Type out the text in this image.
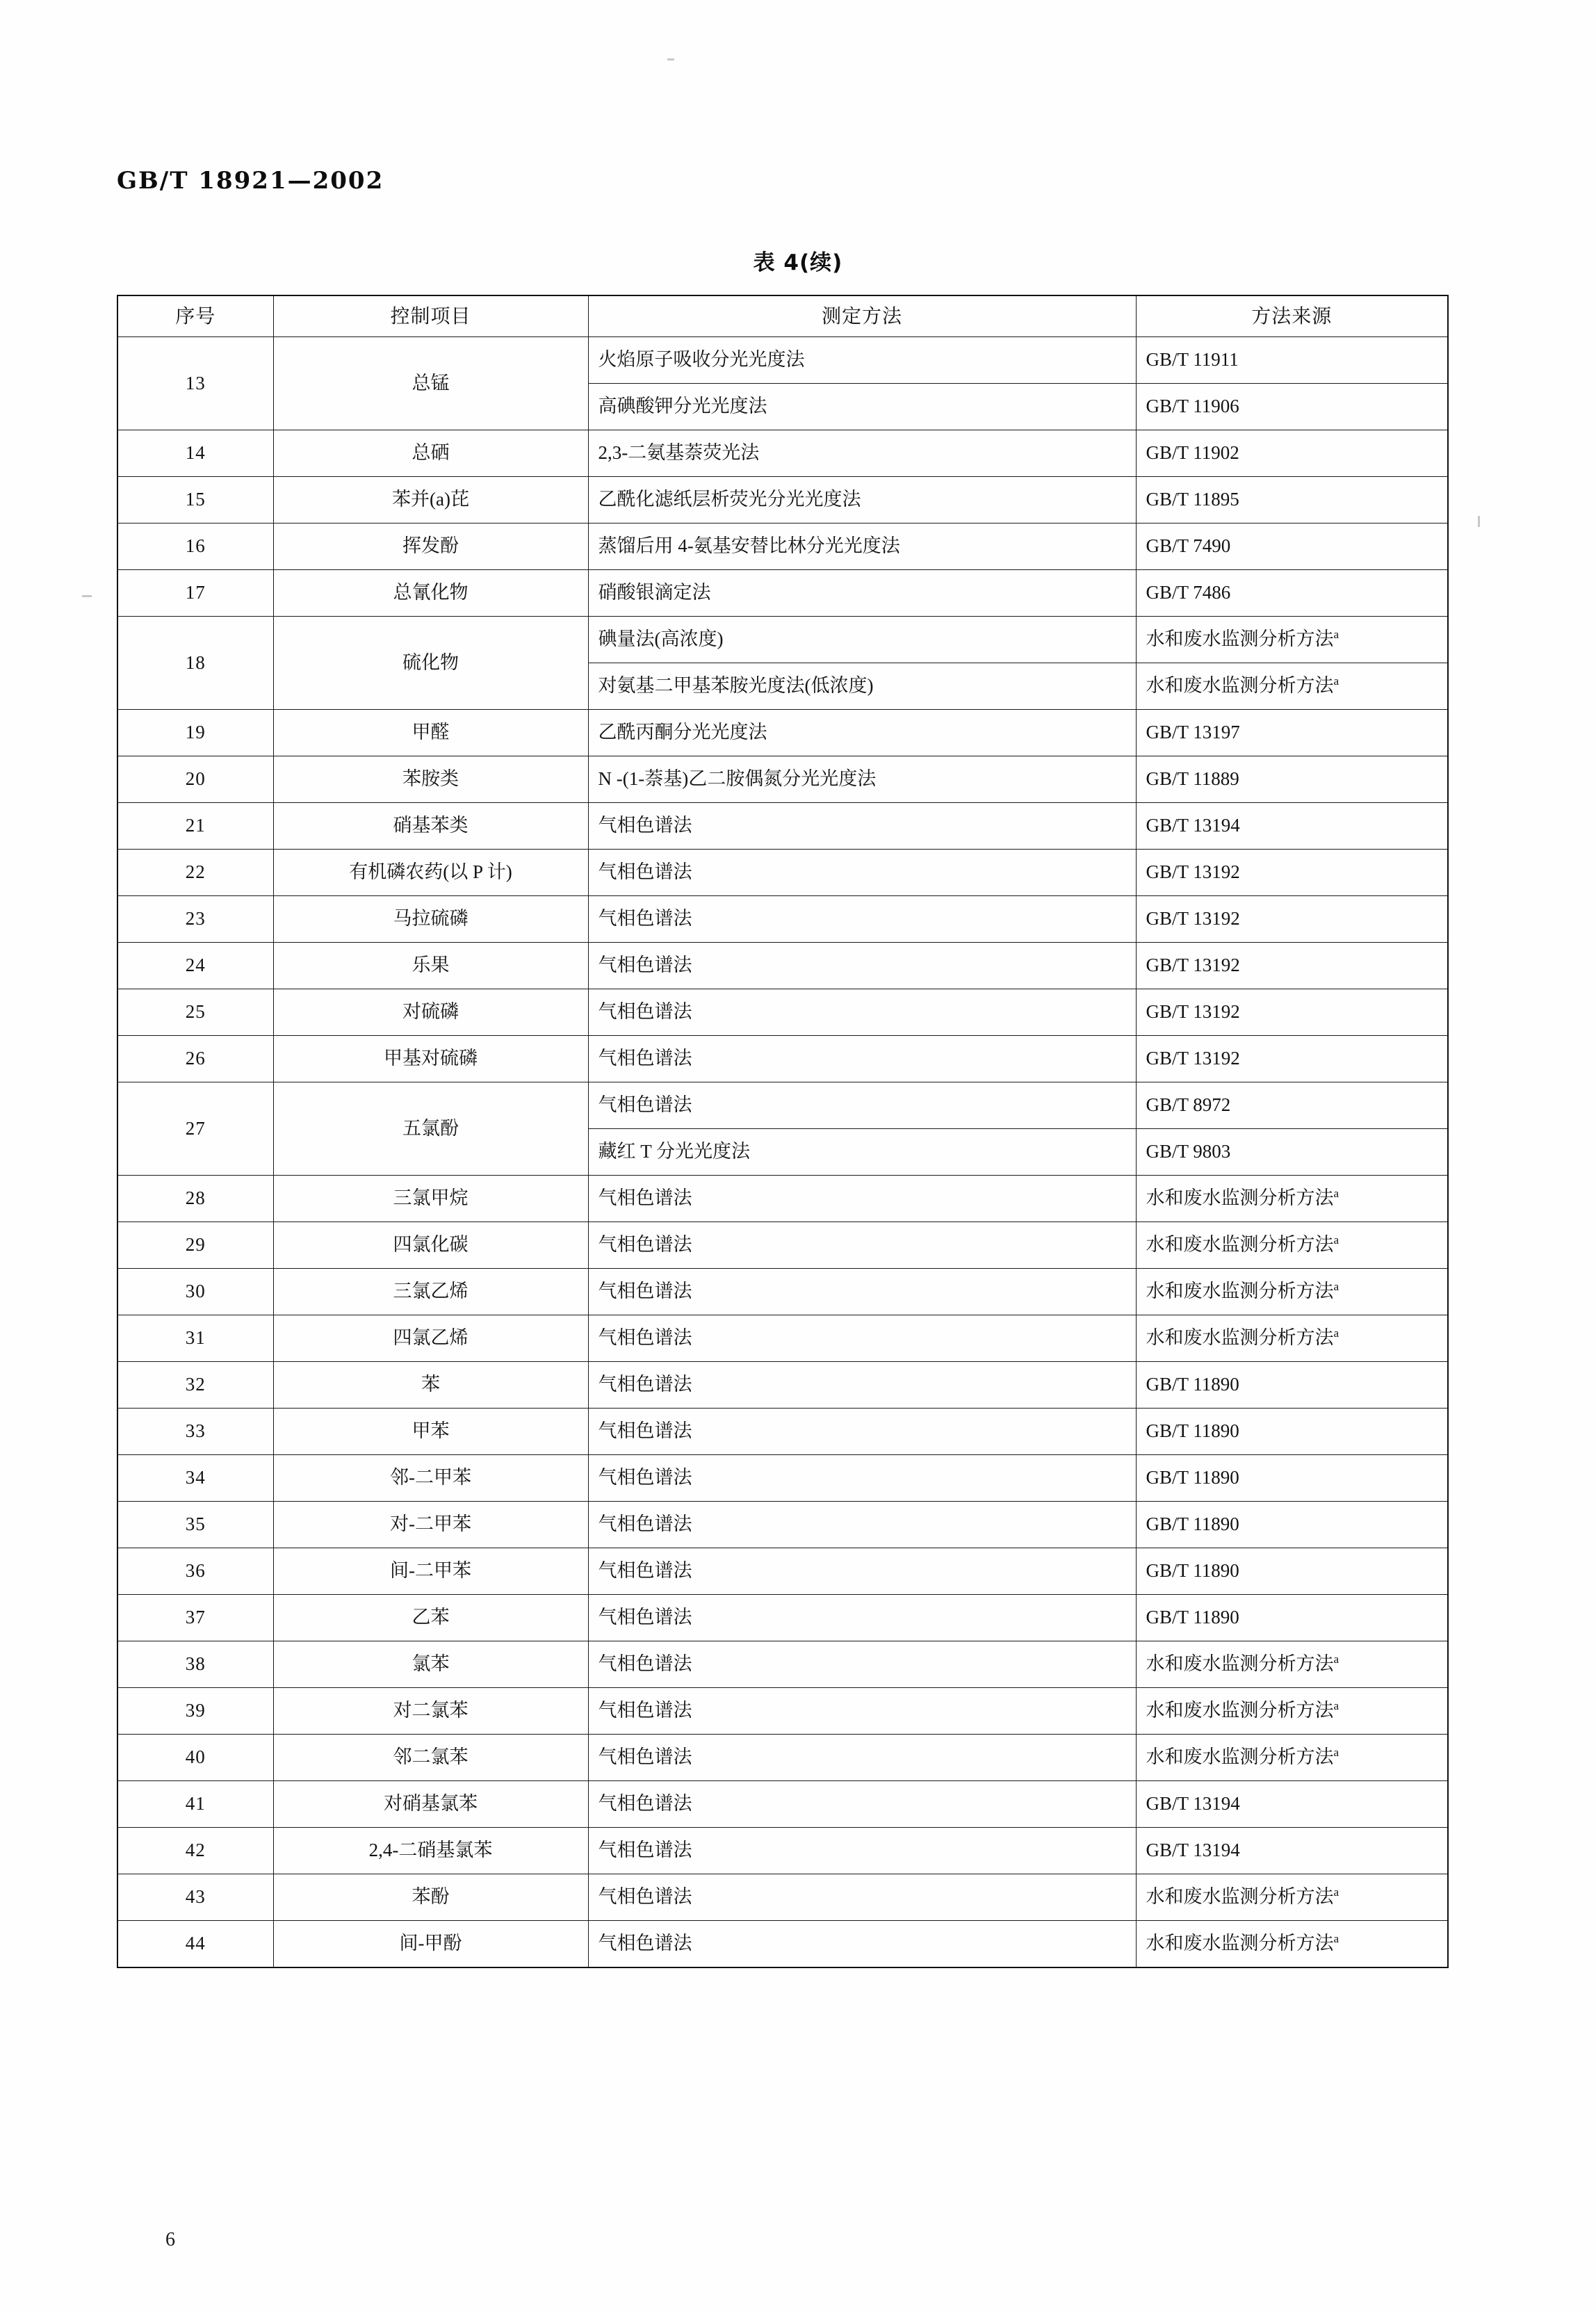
GB/T 18921—2002
表 4(续)
序号	控制项目	测定方法	方法来源
13	总锰	火焰原子吸收分光光度法	GB/T 11911
		高碘酸钾分光光度法	GB/T 11906
14	总硒	2,3-二氨基萘荧光法	GB/T 11902
15	苯并(a)芘	乙酰化滤纸层析荧光分光光度法	GB/T 11895
16	挥发酚	蒸馏后用 4-氨基安替比林分光光度法	GB/T 7490
17	总氰化物	硝酸银滴定法	GB/T 7486
18	硫化物	碘量法(高浓度)	水和废水监测分析方法$^a$
		对氨基二甲基苯胺光度法(低浓度)	水和废水监测分析方法$^a$
19	甲醛	乙酰丙酮分光光度法	GB/T 13197
20	苯胺类	N -(1-萘基)乙二胺偶氮分光光度法	GB/T 11889
21	硝基苯类	气相色谱法	GB/T 13194
22	有机磷农药(以 P 计)	气相色谱法	GB/T 13192
23	马拉硫磷	气相色谱法	GB/T 13192
24	乐果	气相色谱法	GB/T 13192
25	对硫磷	气相色谱法	GB/T 13192
26	甲基对硫磷	气相色谱法	GB/T 13192
27	五氯酚	气相色谱法	GB/T 8972
		藏红 T 分光光度法	GB/T 9803
28	三氯甲烷	气相色谱法	水和废水监测分析方法$^a$
29	四氯化碳	气相色谱法	水和废水监测分析方法$^a$
30	三氯乙烯	气相色谱法	水和废水监测分析方法$^a$
31	四氯乙烯	气相色谱法	水和废水监测分析方法$^a$
32	苯	气相色谱法	GB/T 11890
33	甲苯	气相色谱法	GB/T 11890
34	邻-二甲苯	气相色谱法	GB/T 11890
35	对-二甲苯	气相色谱法	GB/T 11890
36	间-二甲苯	气相色谱法	GB/T 11890
37	乙苯	气相色谱法	GB/T 11890
38	氯苯	气相色谱法	水和废水监测分析方法$^a$
39	对二氯苯	气相色谱法	水和废水监测分析方法$^a$
40	邻二氯苯	气相色谱法	水和废水监测分析方法$^a$
41	对硝基氯苯	气相色谱法	GB/T 13194
42	2,4-二硝基氯苯	气相色谱法	GB/T 13194
43	苯酚	气相色谱法	水和废水监测分析方法$^a$
44	间-甲酚	气相色谱法	水和废水监测分析方法$^a$
6
